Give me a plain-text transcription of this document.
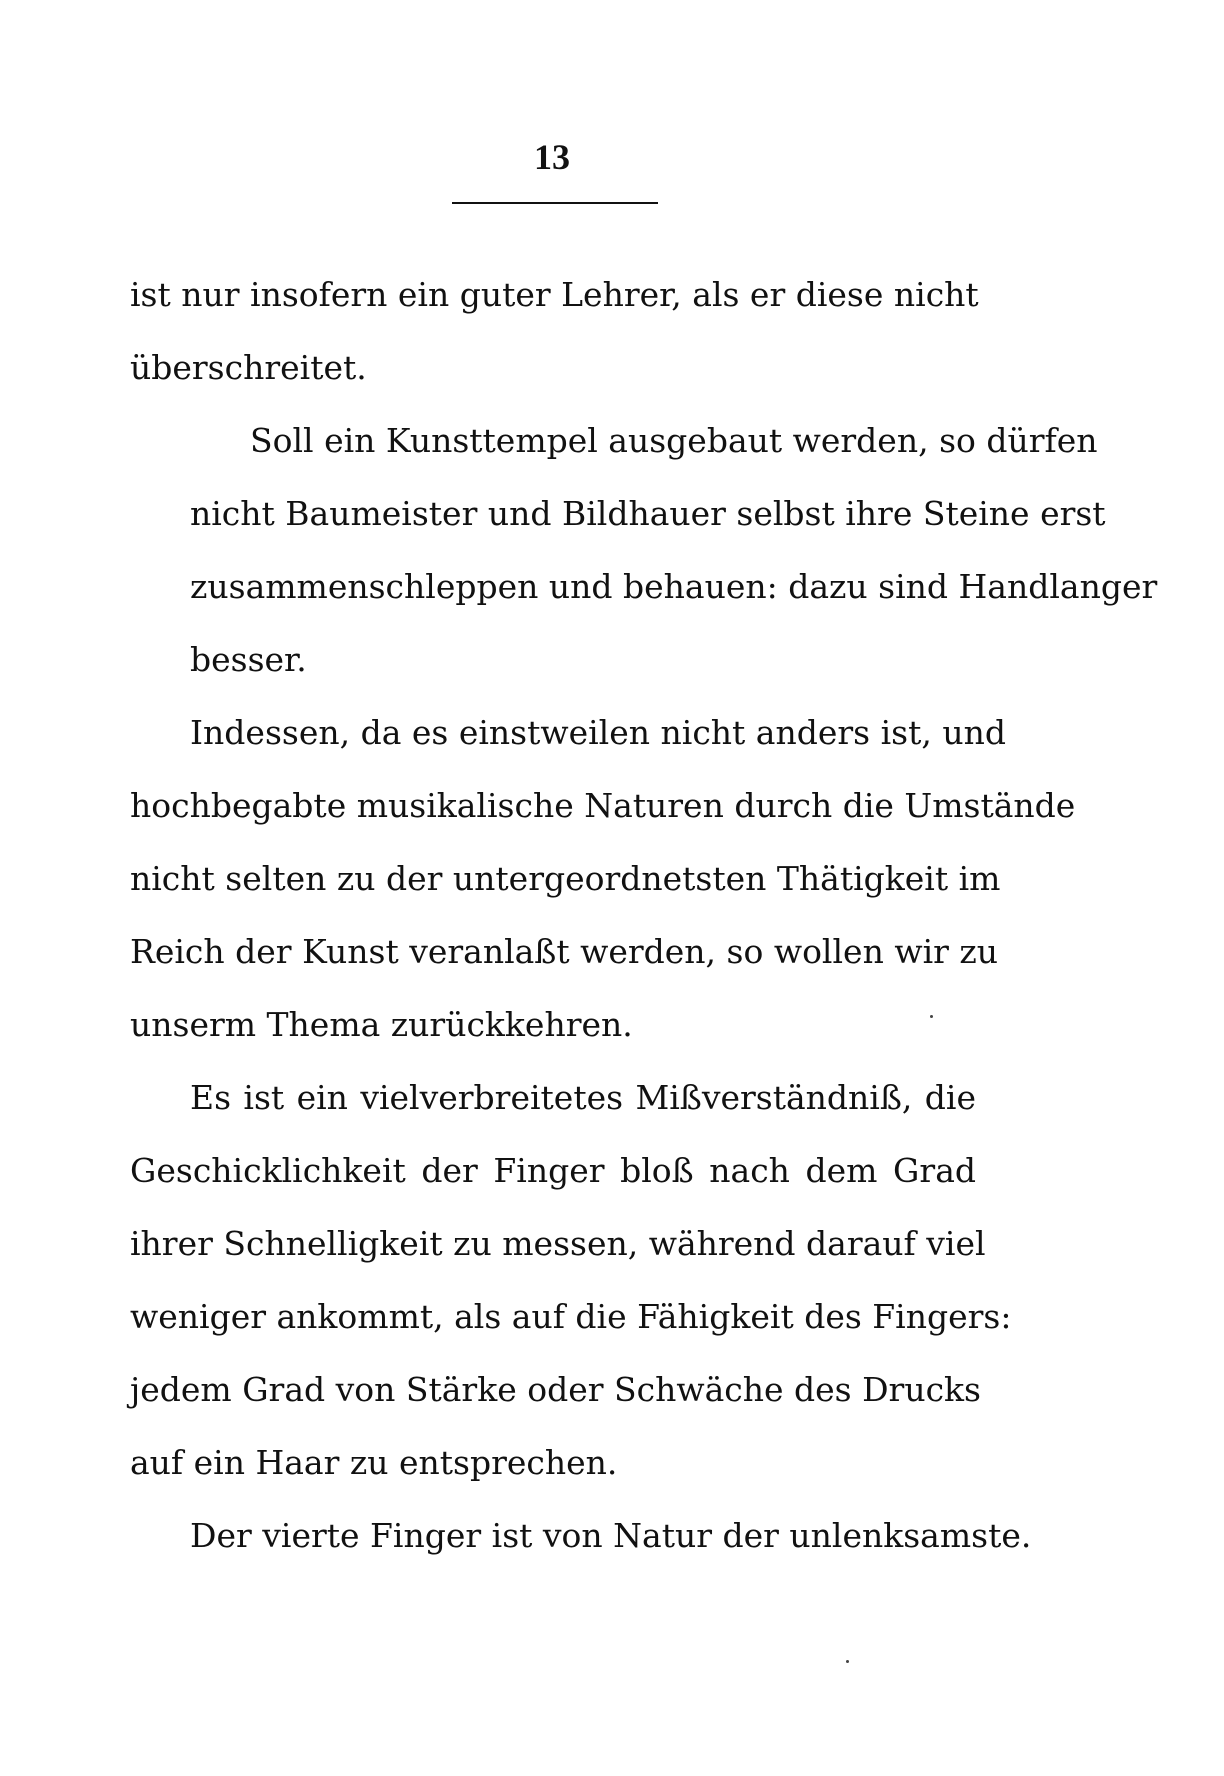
13

ist nur insofern ein guter Lehrer, als er diese nicht
überschreitet.

Soll ein Kunsttempel ausgebaut werden, so dürfen
nicht Baumeister und Bildhauer selbst ihre Steine erst
zusammenschleppen und behauen: dazu sind Handlanger
besser.

Indessen, da es einstweilen nicht anders ist, und
hochbegabte musikalische Naturen durch die Umstände
nicht selten zu der untergeordnetsten Thätigkeit im
Reich der Kunst veranlaßt werden, so wollen wir zu
unserm Thema zurückkehren.

Es ist ein vielverbreitetes Mißverständniß, die
Geschicklichkeit der Finger bloß nach dem Grad
ihrer Schnelligkeit zu messen, während darauf viel
weniger ankommt, als auf die Fähigkeit des Fingers:
jedem Grad von Stärke oder Schwäche des Drucks
auf ein Haar zu entsprechen.

Der vierte Finger ist von Natur der unlenksamste.
